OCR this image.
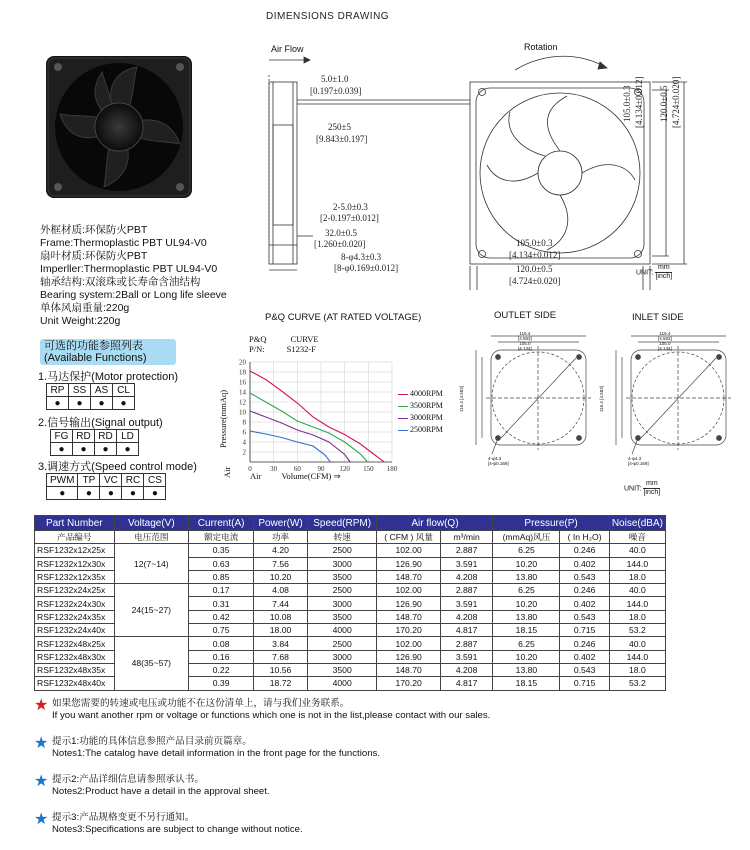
DIMENSIONS DRAWING
外框材质:环保防火PBT
Frame:Thermoplastic PBT UL94-V0
扇叶材质:环保防火PBT
Imperller:Thermoplastic PBT UL94-V0
轴承结构:双滚珠或长寿命含油结构
Bearing system:2Ball or Long life sleeve
单体风扇重量:220g
Unit Weight:220g
Air Flow	Rotation
5.0±1.0
[0.197±0.039]
250±5
[9.843±0.197]
2-5.0±0.3
[2-0.197±0.012]
32.0±0.5
[1.260±0.020]
8-φ4.3±0.3
[8-φ0.169±0.012]
105.0±0.3
[4.134±0.012]
120.0±0.5
[4.724±0.020]
105.0±0.3 [4.134±0.012] 120.0±0.5 [4.724±0.020]
UNIT:
mm
[inch]
可选的功能参照列表
(Available Functions)
1.马达保护(Motor protection)
RP	SS	AS	CL
●	●	●	●
2.信号输出(Signal output)
FG	RD	RD	LD
●	●	●	●
3.调速方式(Speed control mode)
PWM	TP	VC	RC	CS
●	●	●	●	●
P&Q CURVE (AT RATED VOLTAGE)
P&Q	CURVE
P/N:	S1232-F
20
18
16
14
12
10
8
6
4
2
0	30 60 90 120 150 180
4000RPM
3500RPM
3000RPM
2500RPM
Pressure(mmAq)
Air Air Volume(CFM) ⇒
OUTLET SIDE	INLET SIDE
116.4
[4.583]
105.0
[4.134]
116.4 [4.583]
4-φ4.3
[4-φ0.169]
116.4
[4.583]
105.0
[4.134]
116.4 [4.583]
4-φ4.3
[4-φ0.169]
UNIT:
mm
[inch]
Part Number	Voltage(V)	Current(A)	Power(W)	Speed(RPM)	Air flow(Q)		Pressure(P)		Noise(dBA)
产品编号	电压范围	额定电流	功率	转速	( CFM ) 风量	m³/min	(mmAq)风压	( In H₂O)	噪音
RSF1232x12x25x	12(7~14)	0.35	4.20	2500	102.00	2.887	6.25	0.246	40.0
RSF1232x12x30x		0.63	7.56	3000	126.90	3.591	10.20	0.402	144.0
RSF1232x12x35x		0.85	10.20	3500	148.70	4.208	13.80	0.543	18.0
RSF1232x24x25x	24(15~27)	0.17	4.08	2500	102.00	2.887	6.25	0.246	40.0
RSF1232x24x30x		0.31	7.44	3000	126.90	3.591	10.20	0.402	144.0
RSF1232x24x35x		0.42	10.08	3500	148.70	4.208	13.80	0.543	18.0
RSF1232x24x40x		0.75	18.00	4000	170.20	4.817	18.15	0.715	53.2
RSF1232x48x25x	48(35~57)	0.08	3.84	2500	102.00	2.887	6.25	0.246	40.0
RSF1232x48x30x		0.16	7.68	3000	126.90	3.591	10.20	0.402	144.0
RSF1232x48x35x		0.22	10.56	3500	148.70	4.208	13.80	0.543	18.0
RSF1232x48x40x		0.39	18.72	4000	170.20	4.817	18.15	0.715	53.2
★ 如果您需要的转速或电压或功能不在这份清单上，请与我们业务联系。
If you want another rpm or voltage or functions which one is not in the list,please contact with our sales.
★ 提示1:功能的具体信息参照产品目录前页篇章。
Notes1:The catalog have detail information in the front page for the functions.
★ 提示2:产品详细信息请参照承认书。
Notes2:Product have a detail in the approval sheet.
★ 提示3:产品规格变更不另行通知。
Notes3:Specifications are subject to change without notice.
